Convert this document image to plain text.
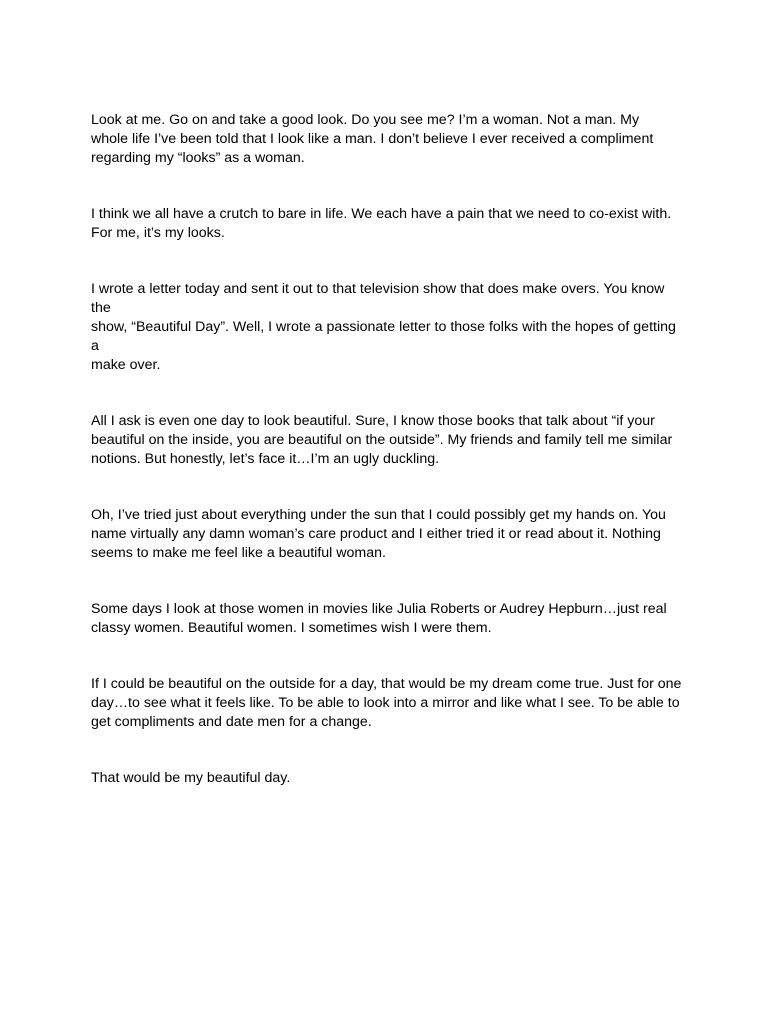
Look at me. Go on and take a good look. Do you see me? I’m a woman. Not a man. My
whole life I’ve been told that I look like a man. I don’t believe I ever received a compliment
regarding my “looks” as a woman.

I think we all have a crutch to bare in life. We each have a pain that we need to co-exist with.
For me, it’s my looks.

I wrote a letter today and sent it out to that television show that does make overs. You know the
show, “Beautiful Day”. Well, I wrote a passionate letter to those folks with the hopes of getting a
make over.

All I ask is even one day to look beautiful. Sure, I know those books that talk about “if your
beautiful on the inside, you are beautiful on the outside”. My friends and family tell me similar
notions. But honestly, let’s face it…I’m an ugly duckling.

Oh, I’ve tried just about everything under the sun that I could possibly get my hands on. You
name virtually any damn woman’s care product and I either tried it or read about it. Nothing
seems to make me feel like a beautiful woman.

Some days I look at those women in movies like Julia Roberts or Audrey Hepburn…just real
classy women. Beautiful women. I sometimes wish I were them.

If I could be beautiful on the outside for a day, that would be my dream come true. Just for one
day…to see what it feels like. To be able to look into a mirror and like what I see. To be able to
get compliments and date men for a change.

That would be my beautiful day.
